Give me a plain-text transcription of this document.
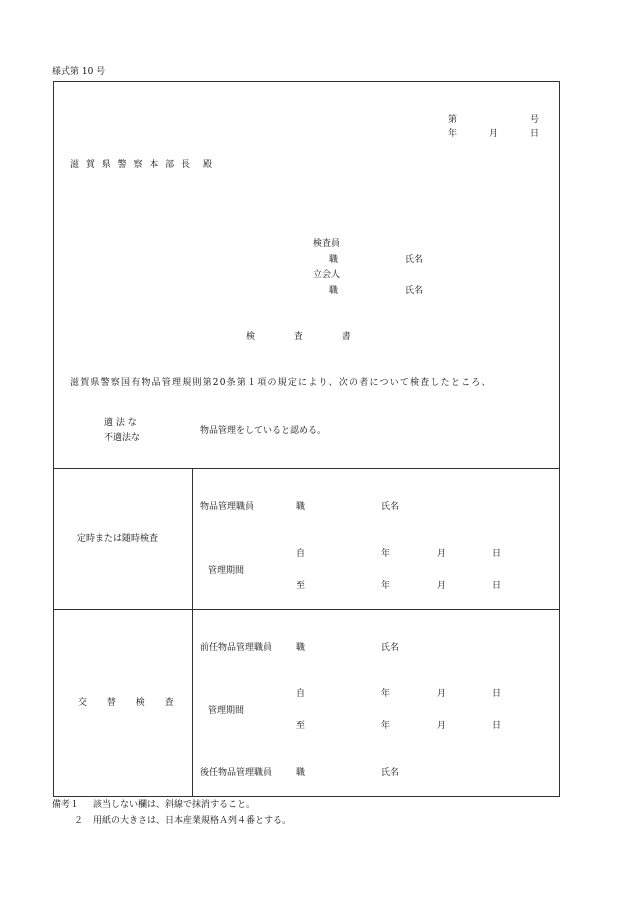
様式第 10 号
第	号
年	月	日
滋 賀 県 警 察 本 部 長　殿
検査員
職	氏名
立会人
職	氏名
検 査 書
滋賀県警察国有物品管理規則第20条第１項の規定により、次の者について検査したところ、
適 法 な
不適法な
物品管理をしていると認める。
定時または随時検査
物品管理職員	職	氏名
管理期間
自	年	月	日
至	年	月	日
交 替 検 査
前任物品管理職員	職	氏名
管理期間
自	年	月	日
至	年	月	日
後任物品管理職員	職	氏名
備考１ 該当しない欄は、斜線で抹消すること。
２ 用紙の大きさは、日本産業規格Ａ列４番とする。
